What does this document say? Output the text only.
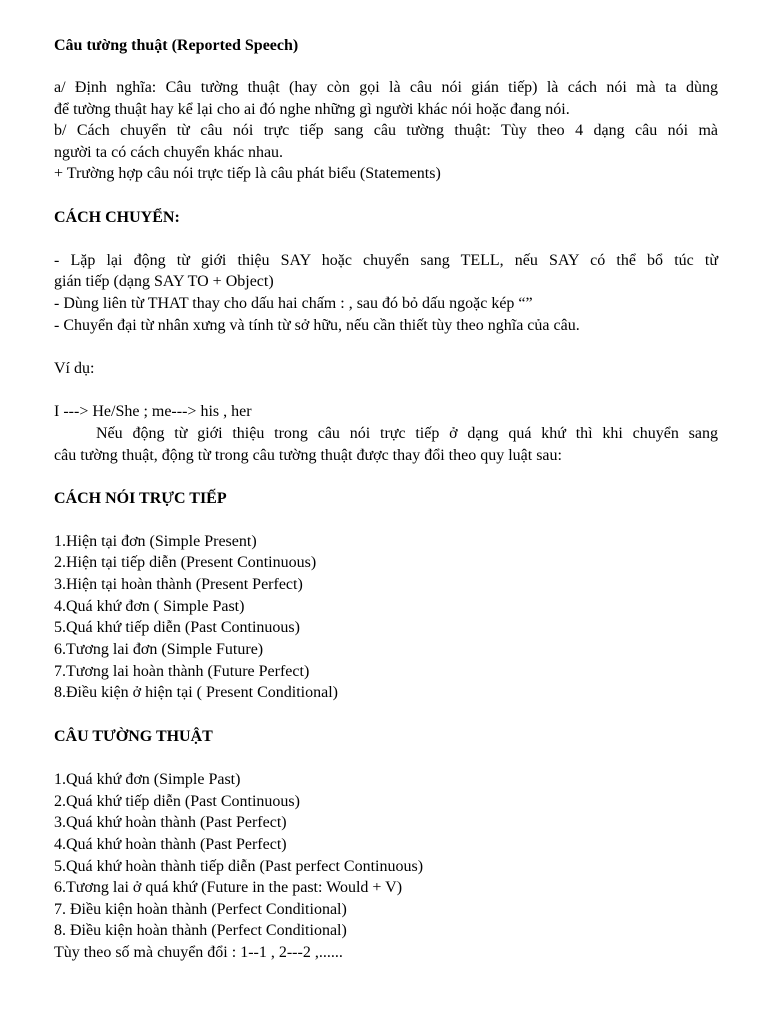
Câu tường thuật (Reported Speech)
a/ Định nghĩa: Câu tường thuật (hay còn gọi là câu nói gián tiếp) là cách nói mà ta dùng
để tường thuật hay kể lại cho ai đó nghe những gì người khác nói hoặc đang nói.
b/ Cách chuyển từ câu nói trực tiếp sang câu tường thuật: Tùy theo 4 dạng câu nói mà
người ta có cách chuyển khác nhau.
+ Trường hợp câu nói trực tiếp là câu phát biểu (Statements)
CÁCH CHUYỂN:
- Lặp lại động từ giới thiệu SAY hoặc chuyển sang TELL, nếu SAY có thể bổ túc từ
gián tiếp (dạng SAY TO + Object)
- Dùng liên từ THAT thay cho dấu hai chấm : , sau đó bỏ dấu ngoặc kép “”
- Chuyển đại từ nhân xưng và tính từ sở hữu, nếu cần thiết tùy theo nghĩa của câu.
Ví dụ:
I ---> He/She ; me---> his , her
Nếu động từ giới thiệu trong câu nói trực tiếp ở dạng quá khứ thì khi chuyển sang
câu tường thuật, động từ trong câu tường thuật được thay đổi theo quy luật sau:
CÁCH NÓI TRỰC TIẾP
1.Hiện tại đơn (Simple Present)
2.Hiện tại tiếp diễn (Present Continuous)
3.Hiện tại hoàn thành (Present Perfect)
4.Quá khứ đơn ( Simple Past)
5.Quá khứ tiếp diễn (Past Continuous)
6.Tương lai đơn (Simple Future)
7.Tương lai hoàn thành (Future Perfect)
8.Điều kiện ở hiện tại ( Present Conditional)
CÂU TƯỜNG THUẬT
1.Quá khứ đơn (Simple Past)
2.Quá khứ tiếp diễn (Past Continuous)
3.Quá khứ hoàn thành (Past Perfect)
4.Quá khứ hoàn thành (Past Perfect)
5.Quá khứ hoàn thành tiếp diễn (Past perfect Continuous)
6.Tương lai ở quá khứ (Future in the past: Would + V)
7. Điều kiện hoàn thành (Perfect Conditional)
8. Điều kiện hoàn thành (Perfect Conditional)
Tùy theo số mà chuyển đổi : 1--1 , 2---2 ,......
